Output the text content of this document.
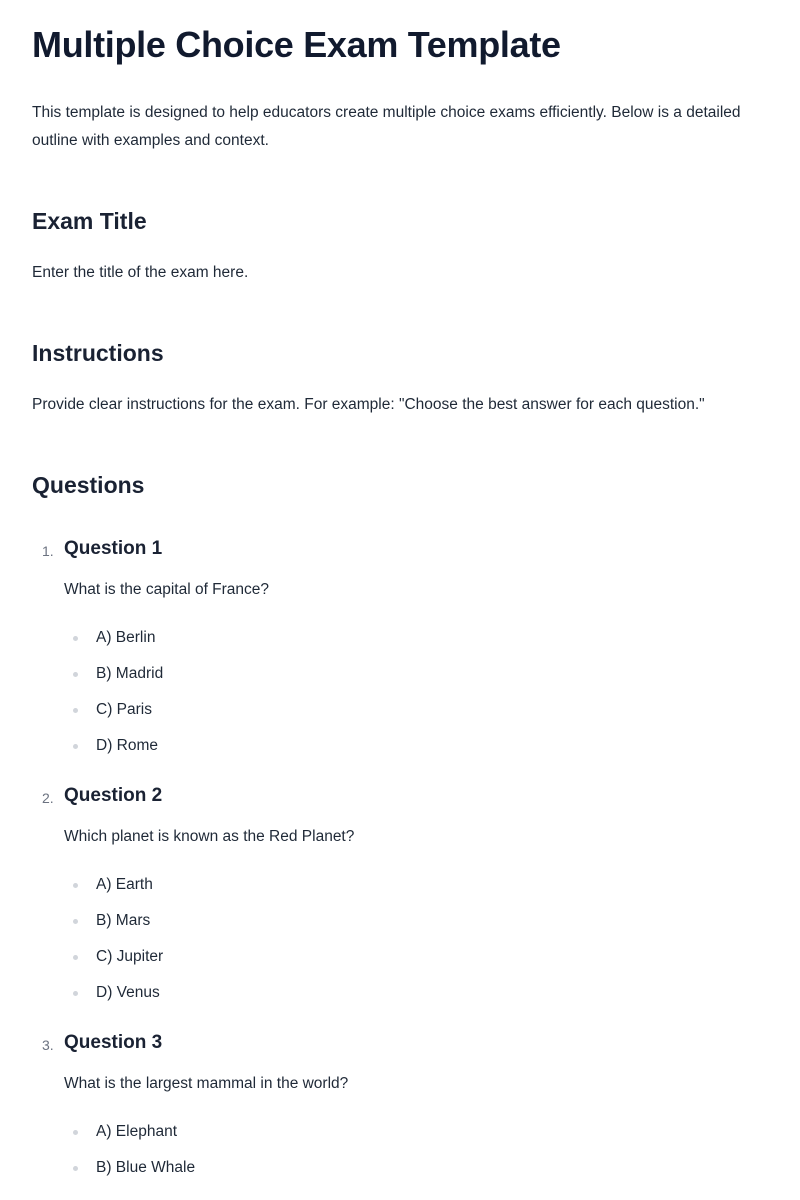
Multiple Choice Exam Template

This template is designed to help educators create multiple choice exams efficiently. Below is a detailed outline with examples and context.

Exam Title

Enter the title of the exam here.

Instructions

Provide clear instructions for the exam. For example: "Choose the best answer for each question."

Questions
1. Question 1

What is the capital of France?

A) Berlin
B) Madrid
C) Paris
D) Rome
2. Question 2

Which planet is known as the Red Planet?

A) Earth
B) Mars
C) Jupiter
D) Venus
3. Question 3

What is the largest mammal in the world?

A) Elephant
B) Blue Whale
